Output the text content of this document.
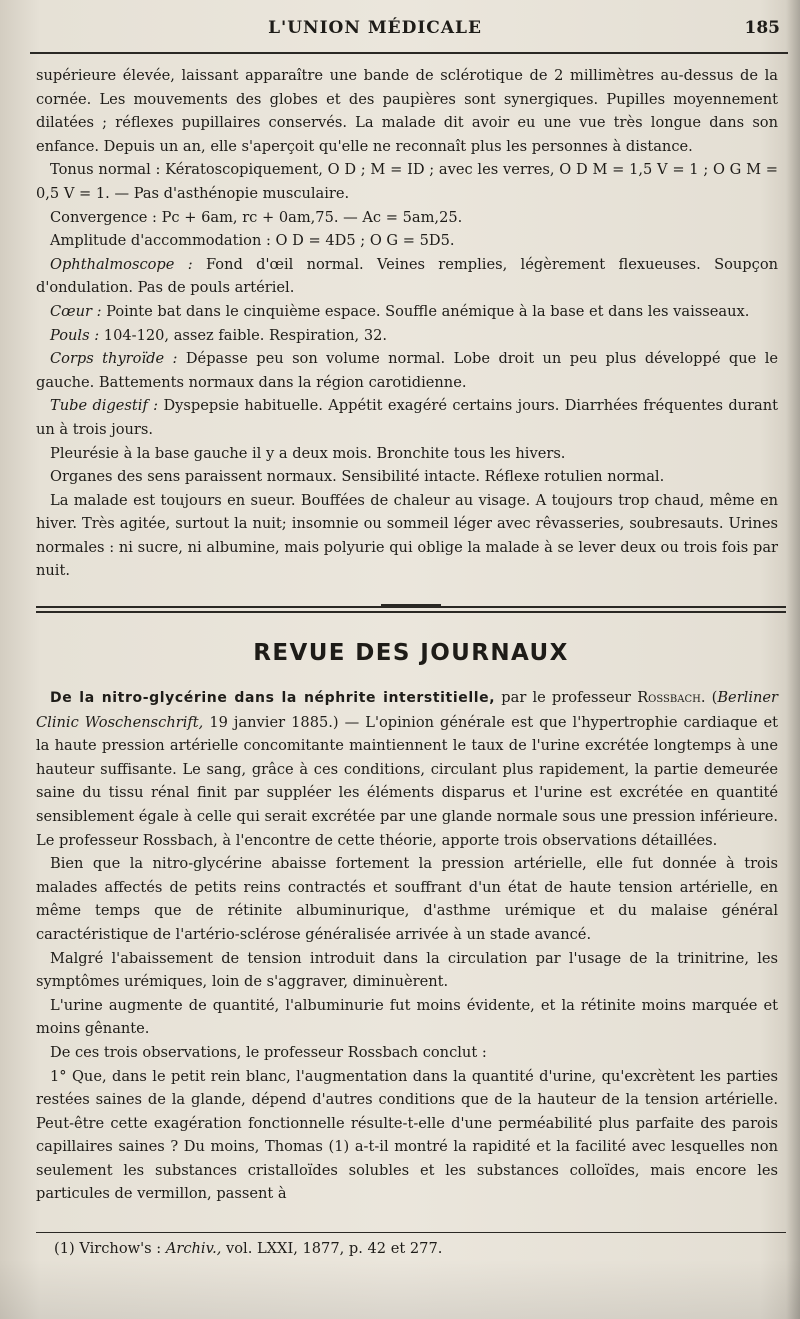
L'UNION MÉDICALE	185

supérieure élevée, laissant apparaître une bande de sclérotique de 2 millimètres au-dessus de la cornée. Les mouvements des globes et des paupières sont synergiques. Pupilles moyennement dilatées ; réflexes pupillaires conservés. La malade dit avoir eu une vue très longue dans son enfance. Depuis un an, elle s'aperçoit qu'elle ne reconnaît plus les personnes à distance.

Tonus normal : Kératoscopiquement, O D ; M = ID ; avec les verres, O D M = 1,5 V = 1 ; O G M = 0,5 V = 1. — Pas d'asthénopie musculaire.

Convergence : Pc + 6am, rc + 0am,75. — Ac = 5am,25.

Amplitude d'accommodation : O D = 4D5 ; O G = 5D5.

Ophthalmoscope : Fond d'œil normal. Veines remplies, légèrement flexueuses. Soupçon d'ondulation. Pas de pouls artériel.

Cœur : Pointe bat dans le cinquième espace. Souffle anémique à la base et dans les vaisseaux.

Pouls : 104-120, assez faible. Respiration, 32.

Corps thyroïde : Dépasse peu son volume normal. Lobe droit un peu plus développé que le gauche. Battements normaux dans la région carotidienne.

Tube digestif : Dyspepsie habituelle. Appétit exagéré certains jours. Diarrhées fréquentes durant un à trois jours.

Pleurésie à la base gauche il y a deux mois. Bronchite tous les hivers.

Organes des sens paraissent normaux. Sensibilité intacte. Réflexe rotulien normal.

La malade est toujours en sueur. Bouffées de chaleur au visage. A toujours trop chaud, même en hiver. Très agitée, surtout la nuit; insomnie ou sommeil léger avec rêvasseries, soubresauts. Urines normales : ni sucre, ni albumine, mais polyurie qui oblige la malade à se lever deux ou trois fois par nuit.

REVUE DES JOURNAUX

De la nitro-glycérine dans la néphrite interstitielle, par le professeur Rossbach. (Berliner Clinic Woschenschrift, 19 janvier 1885.) — L'opinion générale est que l'hypertrophie cardiaque et la haute pression artérielle concomitante maintiennent le taux de l'urine excrétée longtemps à une hauteur suffisante. Le sang, grâce à ces conditions, circulant plus rapidement, la partie demeurée saine du tissu rénal finit par suppléer les éléments disparus et l'urine est excrétée en quantité sensiblement égale à celle qui serait excrétée par une glande normale sous une pression inférieure. Le professeur Rossbach, à l'encontre de cette théorie, apporte trois observations détaillées.

Bien que la nitro-glycérine abaisse fortement la pression artérielle, elle fut donnée à trois malades affectés de petits reins contractés et souffrant d'un état de haute tension artérielle, en même temps que de rétinite albuminurique, d'asthme urémique et du malaise général caractéristique de l'artério-sclérose généralisée arrivée à un stade avancé.

Malgré l'abaissement de tension introduit dans la circulation par l'usage de la trinitrine, les symptômes urémiques, loin de s'aggraver, diminuèrent.

L'urine augmente de quantité, l'albuminurie fut moins évidente, et la rétinite moins marquée et moins gênante.

De ces trois observations, le professeur Rossbach conclut :

1° Que, dans le petit rein blanc, l'augmentation dans la quantité d'urine, qu'excrètent les parties restées saines de la glande, dépend d'autres conditions que de la hauteur de la tension artérielle. Peut-être cette exagération fonctionnelle résulte-t-elle d'une perméabilité plus parfaite des parois capillaires saines ? Du moins, Thomas (1) a-t-il montré la rapidité et la facilité avec lesquelles non seulement les substances cristalloïdes solubles et les substances colloïdes, mais encore les particules de vermillon, passent à

(1) Virchow's : Archiv., vol. LXXI, 1877, p. 42 et 277.
